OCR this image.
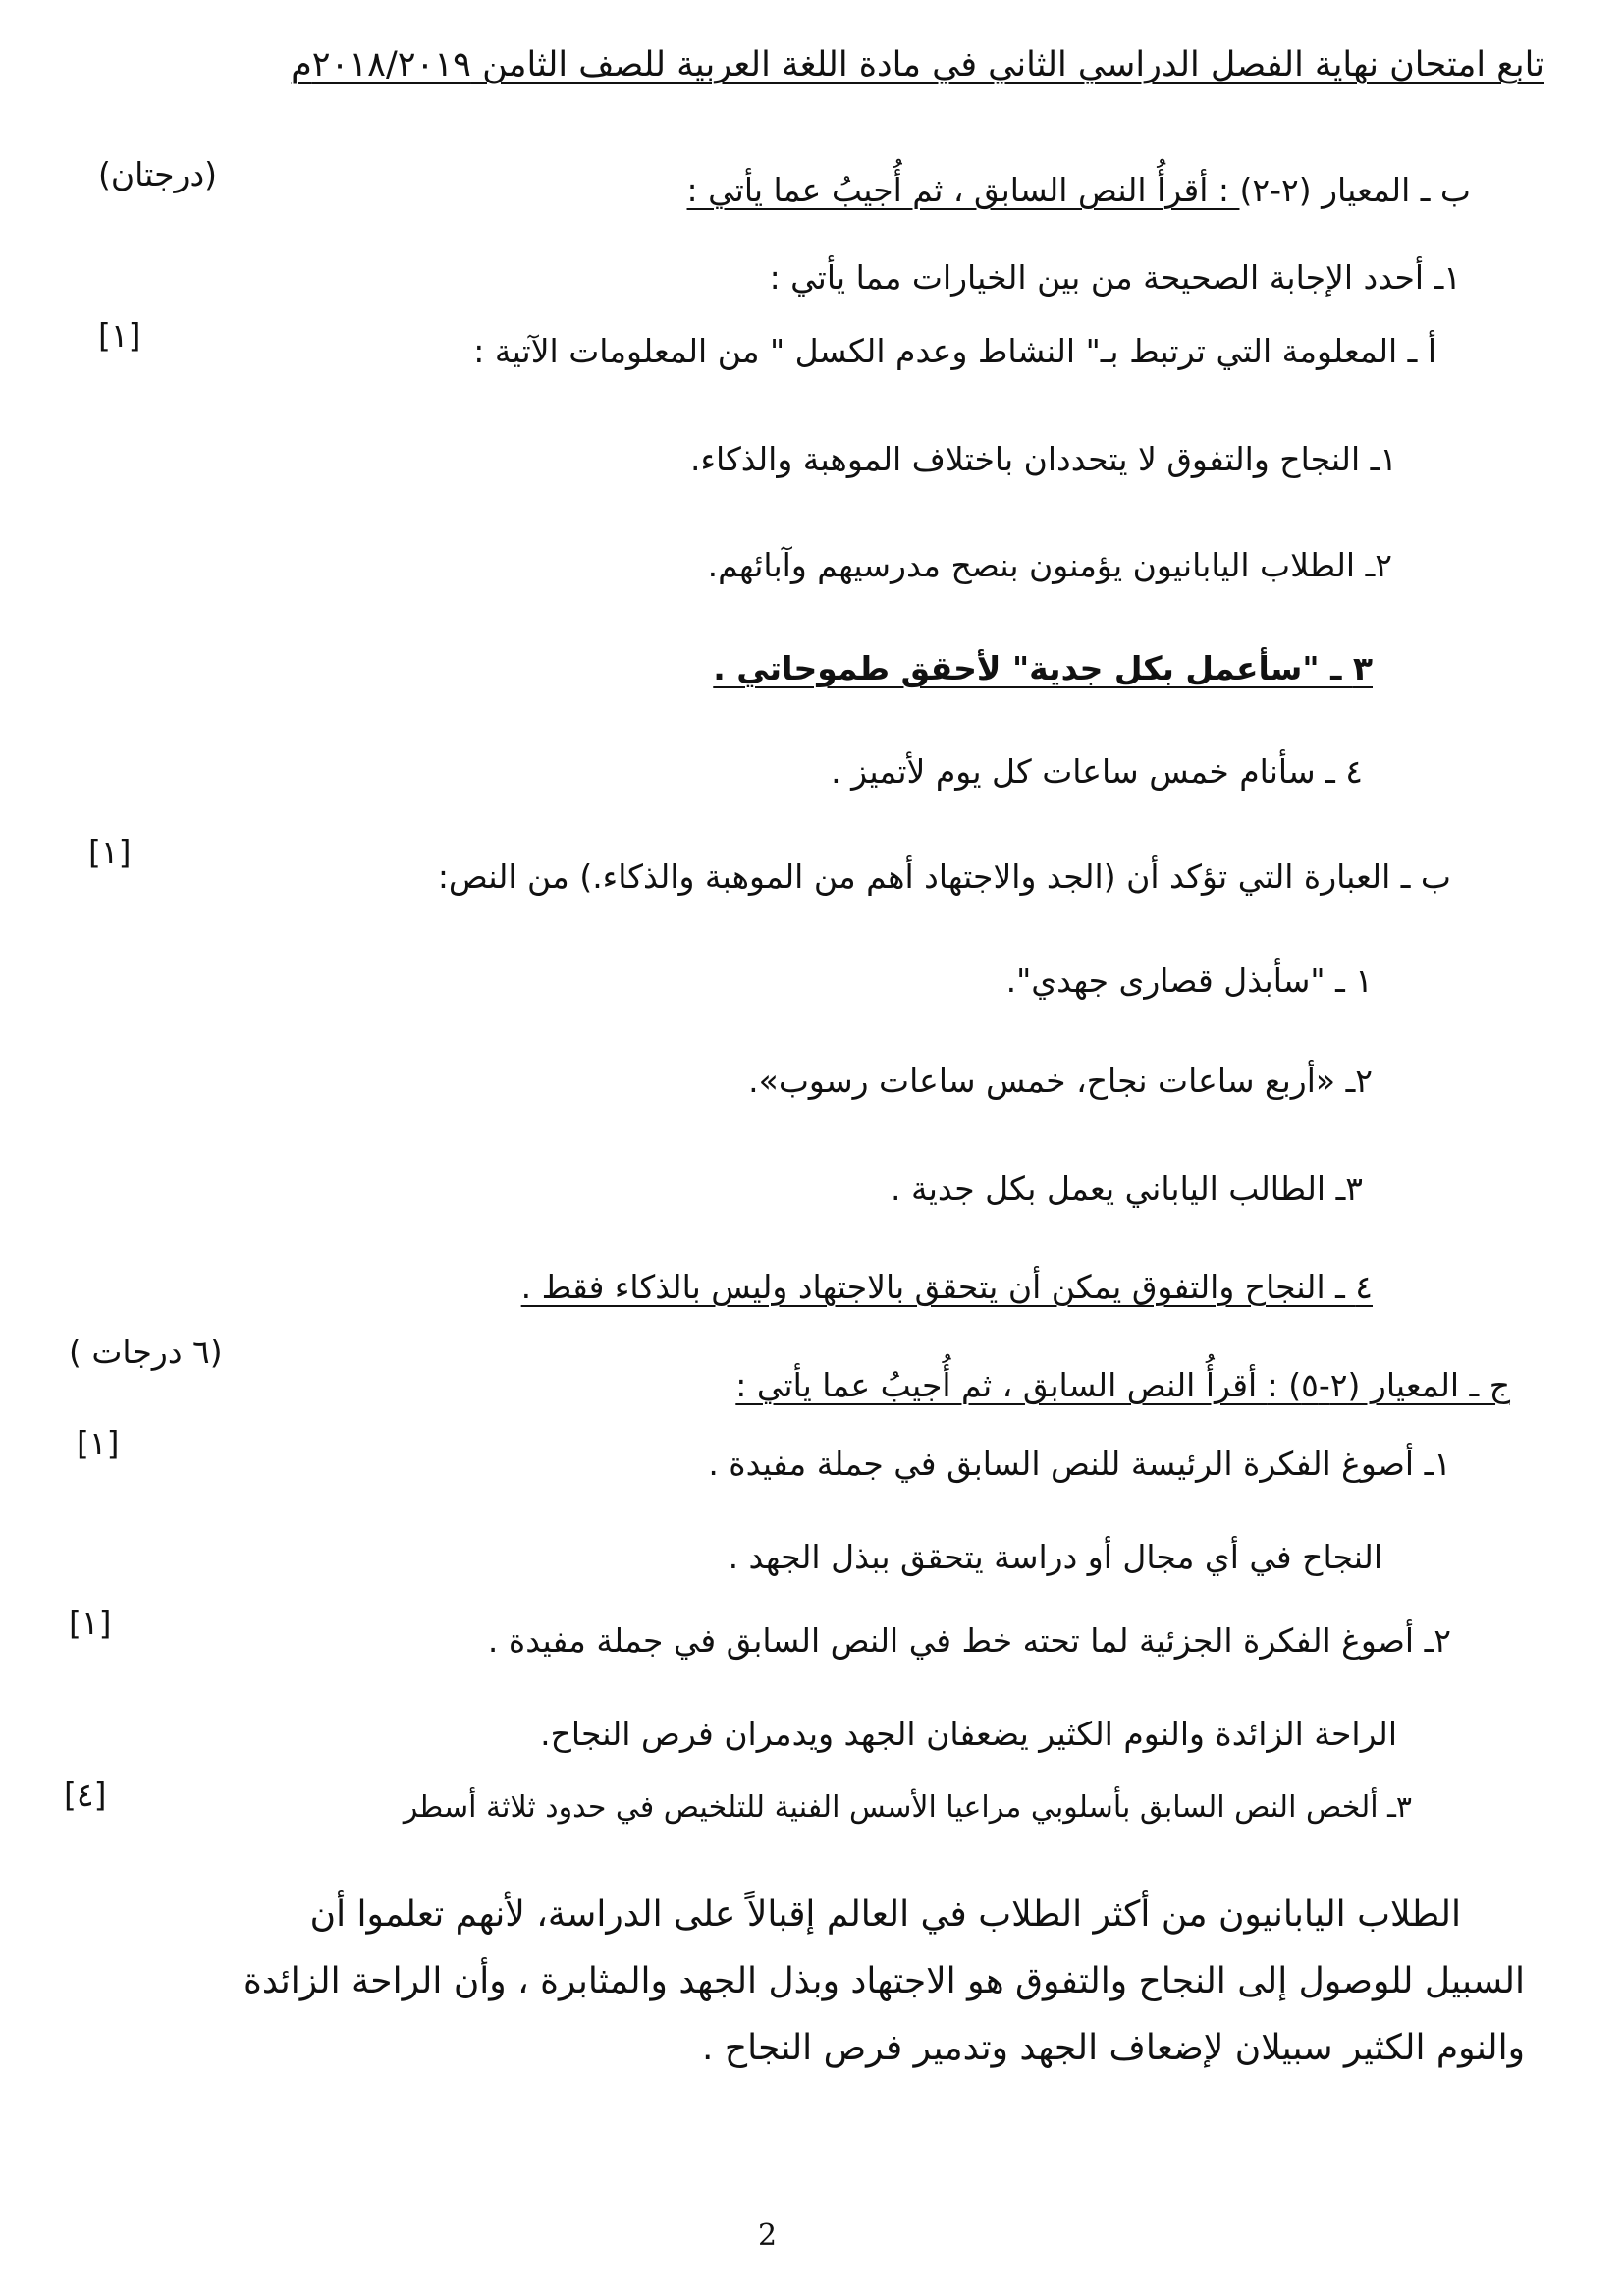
تابع امتحان نهاية الفصل الدراسي الثاني في مادة اللغة العربية للصف الثامن ٢٠١٨/٢٠١٩م
ب ـ المعيار (٢-٢) : أقرأُ النص السابق ، ثم أُجيبُ عما يأتي :
(درجتان)
١ـ أحدد الإجابة الصحيحة من بين الخيارات مما يأتي :
أ ـ المعلومة التي ترتبط بـ" النشاط وعدم الكسل " من المعلومات الآتية :
[١]
١ـ النجاح والتفوق لا يتحددان باختلاف الموهبة والذكاء.
٢ـ الطلاب اليابانيون يؤمنون بنصح مدرسيهم وآبائهم.
٣ ـ "سأعمل بكل جدية" لأحقق طموحاتي .
٤ ـ سأنام خمس ساعات كل يوم لأتميز .
ب ـ العبارة التي تؤكد أن (الجد والاجتهاد أهم من الموهبة والذكاء.) من النص:
[١]
١ ـ "سأبذل قصارى جهدي".
٢ـ «أربع ساعات نجاح، خمس ساعات رسوب».
٣ـ الطالب الياباني يعمل بكل جدية .
٤ ـ النجاح والتفوق يمكن أن يتحقق بالاجتهاد وليس بالذكاء فقط .
ج ـ المعيار (٢-٥) : أقرأُ النص السابق ، ثم أُجيبُ عما يأتي :
(٦ درجات )
١ـ أصوغ الفكرة الرئيسة للنص السابق في جملة مفيدة .
[١]
النجاح في أي مجال أو دراسة يتحقق ببذل الجهد .
٢ـ أصوغ الفكرة الجزئية لما تحته خط في النص السابق في جملة مفيدة .
[١]
الراحة الزائدة والنوم الكثير يضعفان الجهد ويدمران فرص النجاح.
٣ـ ألخص النص السابق بأسلوبي مراعيا الأسس الفنية للتلخيص في حدود ثلاثة أسطر
[٤]
الطلاب اليابانيون من أكثر الطلاب في العالم إقبالاً على الدراسة، لأنهم تعلموا أن
السبيل للوصول إلى النجاح والتفوق هو الاجتهاد وبذل الجهد والمثابرة ، وأن الراحة الزائدة
والنوم الكثير سبيلان لإضعاف الجهد وتدمير فرص النجاح .
2
